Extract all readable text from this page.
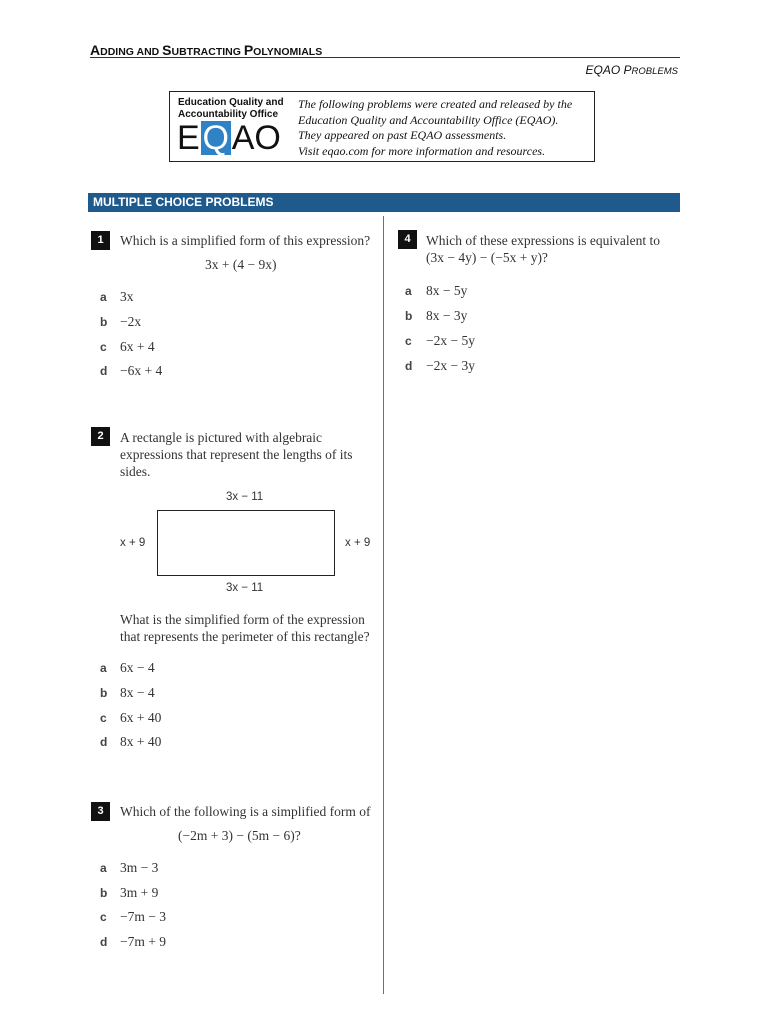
ADDING AND SUBTRACTING POLYNOMIALS
EQAO PROBLEMS
Education Quality and
Accountability Office
EQAO
The following problems were created and released by the
Education Quality and Accountability Office (EQAO).
They appeared on past EQAO assessments.
Visit eqao.com for more information and resources.
MULTIPLE CHOICE PROBLEMS
1	Which is a simplified form of this expression?
3x + (4 − 9x)
a 3x
b −2x
c 6x + 4
d −6x + 4
2	A rectangle is pictured with algebraic
expressions that represent the lengths of its
sides.
3x − 11
x + 9	x + 9
3x − 11
What is the simplified form of the expression
that represents the perimeter of this rectangle?
a 6x − 4
b 8x − 4
c 6x + 40
d 8x + 40
3	Which of the following is a simplified form of
(−2m + 3) − (5m − 6)?
a 3m − 3
b 3m + 9
c −7m − 3
d −7m + 9
4	Which of these expressions is equivalent to
(3x − 4y) − (−5x + y)?
a 8x − 5y
b 8x − 3y
c −2x − 5y
d −2x − 3y
